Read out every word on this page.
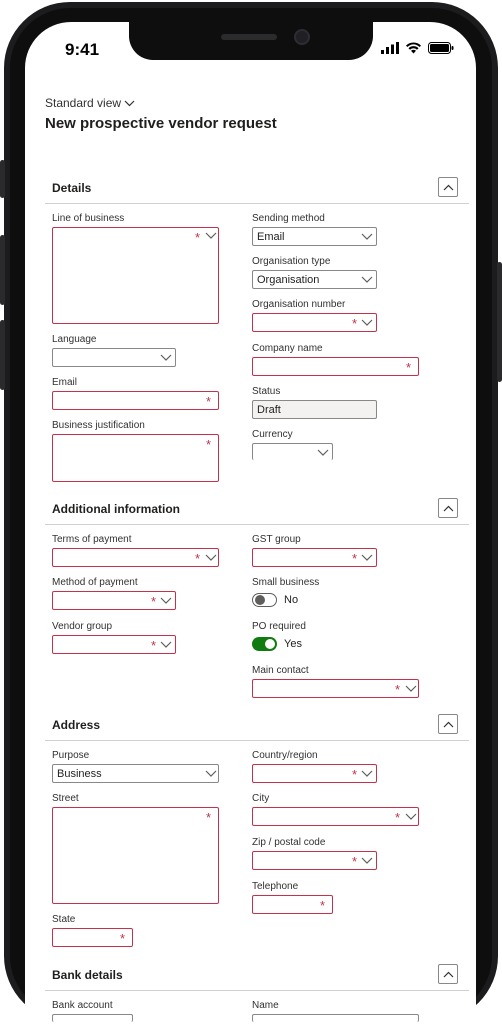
9:41
Standard view
New prospective vendor request
Details
Line of business
*
Sending method
Email
Organisation type
Organisation
Organisation number
*
Language
Company name
*
Email
*
Status
Draft
Business justification
*
Currency
Additional information
Terms of payment
*
GST group
*
Method of payment
*
Small business
No
Vendor group
*
PO required
Yes
Main contact
*
Address
Purpose
Business
Country/region
*
Street
*
City
*
Zip / postal code
*
Telephone
*
State
*
Bank details
Bank account	Name
